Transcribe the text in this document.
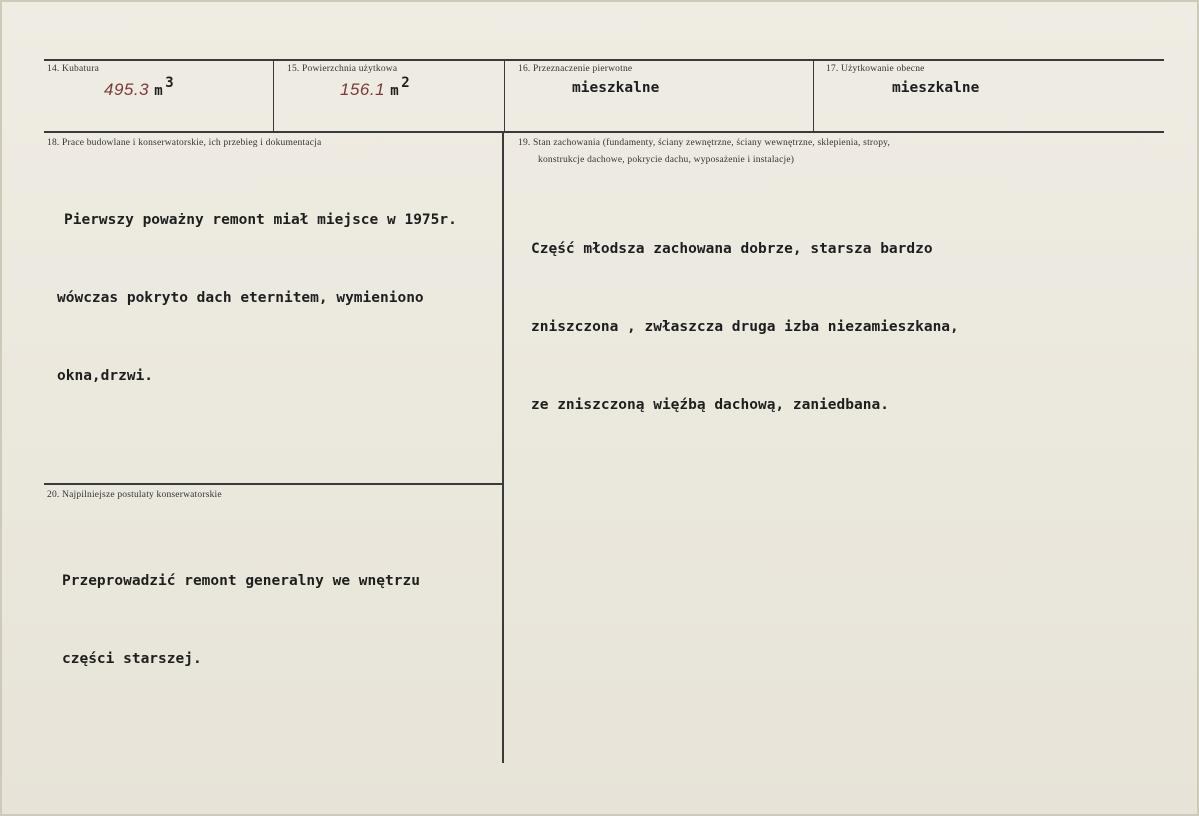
14. Kubatura
495.3 m $^3$
15. Powierzchnia użytkowa
156.1 m $^2$
16. Przeznaczenie pierwotne
mieszkalne
17. Użytkowanie obecne
mieszkalne
18. Prace budowlane i konserwatorskie, ich przebieg i dokumentacja

Pierwszy poważny remont miał miejsce w 1975r.

wówczas pokryto dach eternitem, wymieniono

okna,drzwi.

19. Stan zachowania (fundamenty, ściany zewnętrzne, ściany wewnętrzne, sklepienia, stropy,
konstrukcje dachowe, pokrycie dachu, wyposażenie i instalacje)

Część młodsza zachowana dobrze, starsza bardzo

zniszczona , zwłaszcza druga izba niezamieszkana,

ze zniszczoną więźbą dachową, zaniedbana.

20. Najpilniejsze postulaty konserwatorskie

Przeprowadzić remont generalny we wnętrzu

części starszej.
